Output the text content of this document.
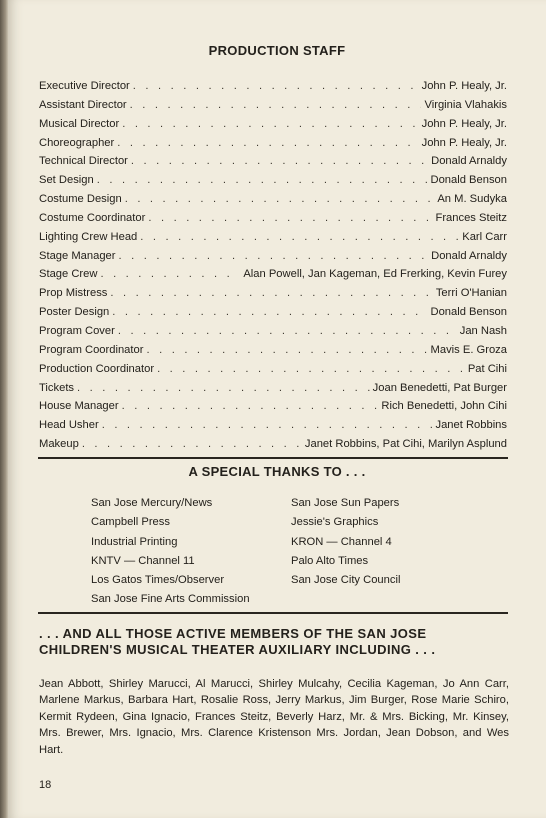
PRODUCTION STAFF
Executive Director . . .	John P. Healy, Jr.
Assistant Director . . .	Virginia Vlahakis
Musical Director . . .	John P. Healy, Jr.
Choreographer . . .	John P. Healy, Jr.
Technical Director . . .	Donald Arnaldy
Set Design . . .	Donald Benson
Costume Design . . .	An M. Sudyka
Costume Coordinator . . .	Frances Steitz
Lighting Crew Head . . .	Karl Carr
Stage Manager . . .	Donald Arnaldy
Stage Crew . . .	Alan Powell, Jan Kageman, Ed Frerking, Kevin Furey
Prop Mistress . . .	Terri O'Hanian
Poster Design . . .	Donald Benson
Program Cover . . .	Jan Nash
Program Coordinator . . .	Mavis E. Groza
Production Coordinator . . .	Pat Cihi
Tickets . . .	Joan Benedetti, Pat Burger
House Manager . . .	Rich Benedetti, John Cihi
Head Usher . . .	Janet Robbins
Makeup . . .	Janet Robbins, Pat Cihi, Marilyn Asplund
A SPECIAL THANKS TO . . .
San Jose Mercury/News
Campbell Press
Industrial Printing
KNTV — Channel 11
Los Gatos Times/Observer
San Jose Fine Arts Commission
San Jose Sun Papers
Jessie's Graphics
KRON — Channel 4
Palo Alto Times
San Jose City Council
. . . AND ALL THOSE ACTIVE MEMBERS OF THE SAN JOSE CHILDREN'S MUSICAL THEATER AUXILIARY INCLUDING . . .
Jean Abbott, Shirley Marucci, Al Marucci, Shirley Mulcahy, Cecilia Kageman, Jo Ann Carr, Marlene Markus, Barbara Hart, Rosalie Ross, Jerry Markus, Jim Burger, Rose Marie Schiro, Kermit Rydeen, Gina Ignacio, Frances Steitz, Beverly Harz, Mr. & Mrs. Bicking, Mr. Kinsey, Mrs. Brewer, Mrs. Ignacio, Mrs. Clarence Kristenson Mrs. Jordan, Jean Dobson, and Wes Hart.
18
